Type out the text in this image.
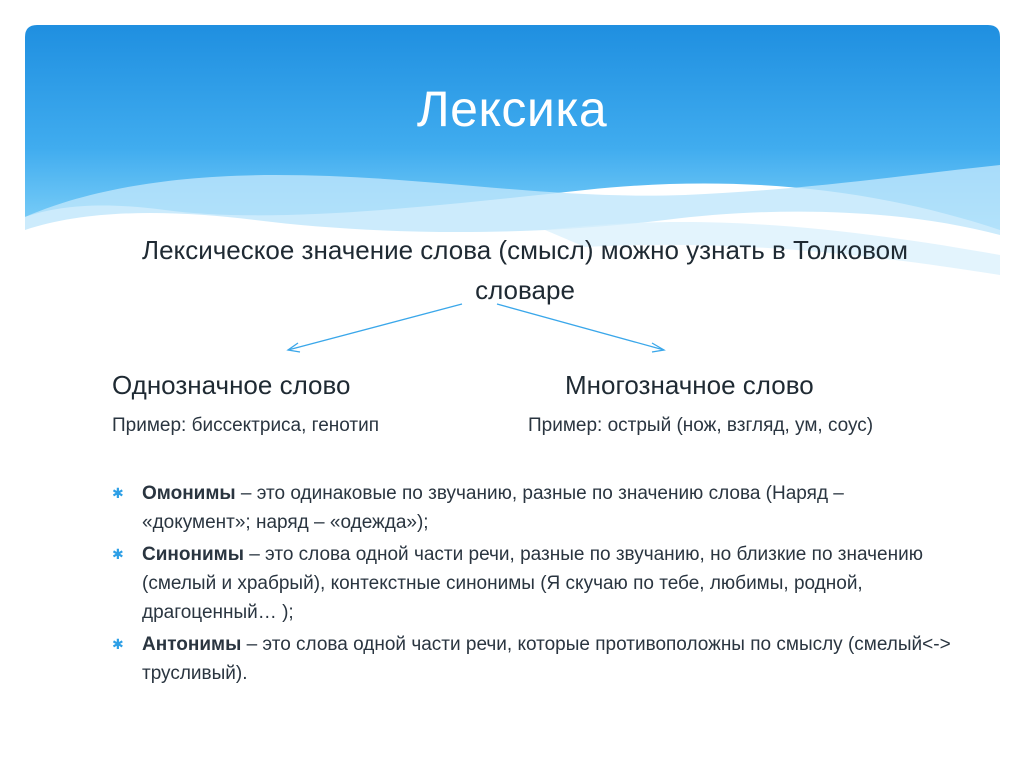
Лексика
Лексическое значение слова (смысл) можно узнать в Толковом словаре
Однозначное слово
Пример: биссектриса, генотип
Многозначное слово
Пример: острый (нож, взгляд, ум, соус)
✱ Омонимы – это одинаковые по звучанию, разные по значению слова (Наряд – «документ»; наряд – «одежда»);
✱ Синонимы – это слова одной части речи, разные по звучанию, но близкие по значению (смелый и храбрый), контекстные синонимы (Я скучаю по тебе, любимы, родной, драгоценный… );
✱ Антонимы – это слова одной части речи, которые противоположны по смыслу (смелый<-> трусливый).
